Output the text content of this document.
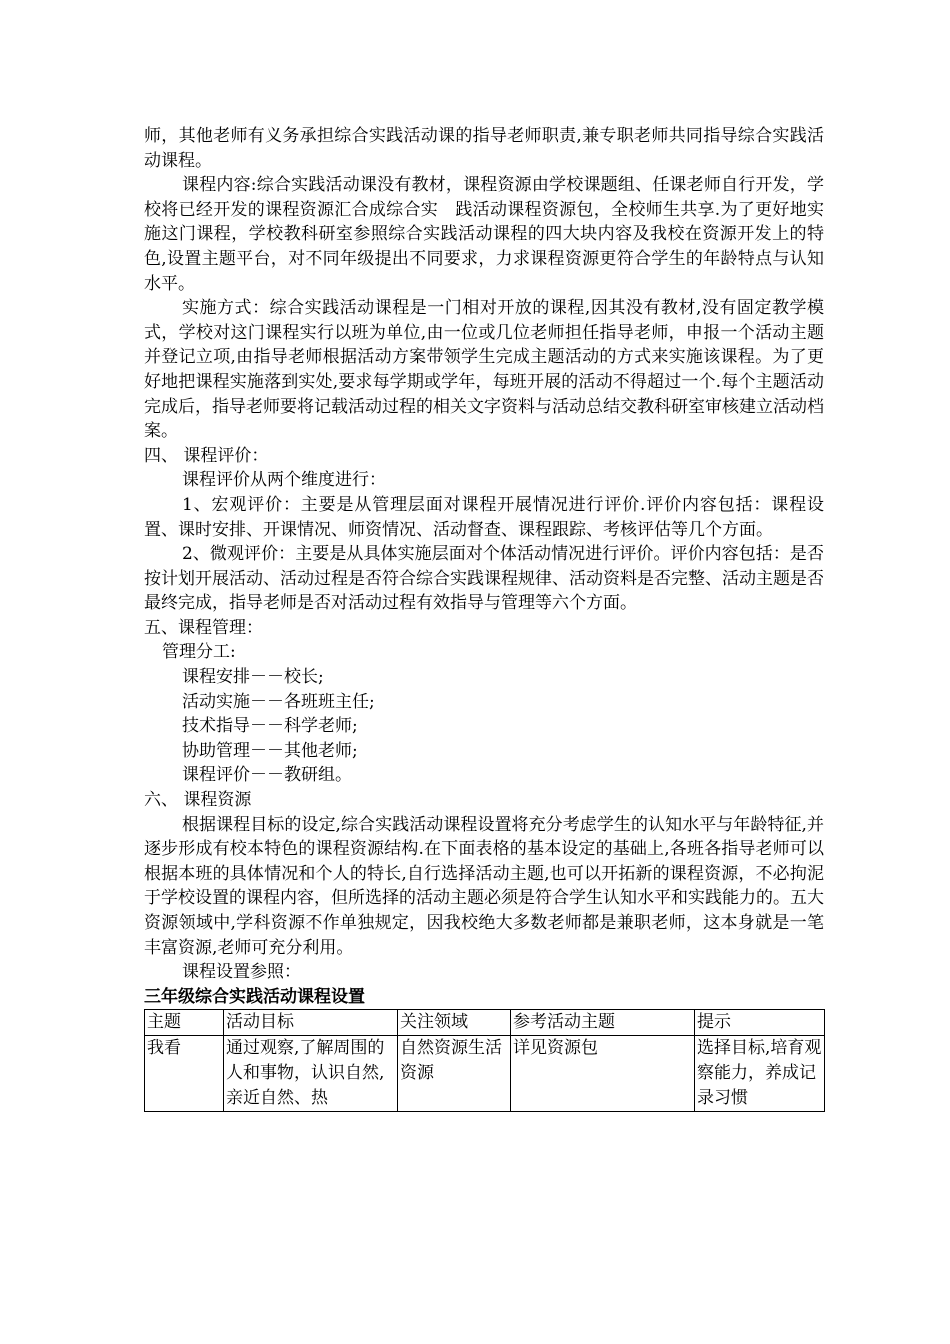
师，其他老师有义务承担综合实践活动课的指导老师职责,兼专职老师共同指导综合实践活动课程。

课程内容:综合实践活动课没有教材，课程资源由学校课题组、任课老师自行开发，学校将已经开发的课程资源汇合成综合实　践活动课程资源包，全校师生共享.为了更好地实施这门课程，学校教科研室参照综合实践活动课程的四大块内容及我校在资源开发上的特色,设置主题平台，对不同年级提出不同要求，力求课程资源更符合学生的年龄特点与认知水平。

实施方式：综合实践活动课程是一门相对开放的课程,因其没有教材,没有固定教学模式，学校对这门课程实行以班为单位,由一位或几位老师担任指导老师，申报一个活动主题并登记立项,由指导老师根据活动方案带领学生完成主题活动的方式来实施该课程。为了更好地把课程实施落到实处,要求每学期或学年，每班开展的活动不得超过一个.每个主题活动完成后，指导老师要将记载活动过程的相关文字资料与活动总结交教科研室审核建立活动档案。

四、 课程评价：

课程评价从两个维度进行：

1、宏观评价：主要是从管理层面对课程开展情况进行评价.评价内容包括：课程设置、课时安排、开课情况、师资情况、活动督查、课程跟踪、考核评估等几个方面。

2、微观评价：主要是从具体实施层面对个体活动情况进行评价。评价内容包括：是否按计划开展活动、活动过程是否符合综合实践课程规律、活动资料是否完整、活动主题是否最终完成，指导老师是否对活动过程有效指导与管理等六个方面。

五、课程管理：

管理分工:

课程安排－－校长;

活动实施－－各班班主任;

技术指导－－科学老师;

协助管理－－其他老师;

课程评价－－教研组。

六、 课程资源

根据课程目标的设定,综合实践活动课程设置将充分考虑学生的认知水平与年龄特征,并逐步形成有校本特色的课程资源结构.在下面表格的基本设定的基础上,各班各指导老师可以根据本班的具体情况和个人的特长,自行选择活动主题,也可以开拓新的课程资源，不必拘泥于学校设置的课程内容，但所选择的活动主题必须是符合学生认知水平和实践能力的。五大资源领域中,学科资源不作单独规定，因我校绝大多数老师都是兼职老师，这本身就是一笔丰富资源,老师可充分利用。

课程设置参照：

三年级综合实践活动课程设置

主题	活动目标	关注领域	参考活动主题	提示
我看	通过观察,了解周围的人和事物，认识自然,亲近自然、热	自然资源生活资源	详见资源包	选择目标,培育观察能力，养成记录习惯
